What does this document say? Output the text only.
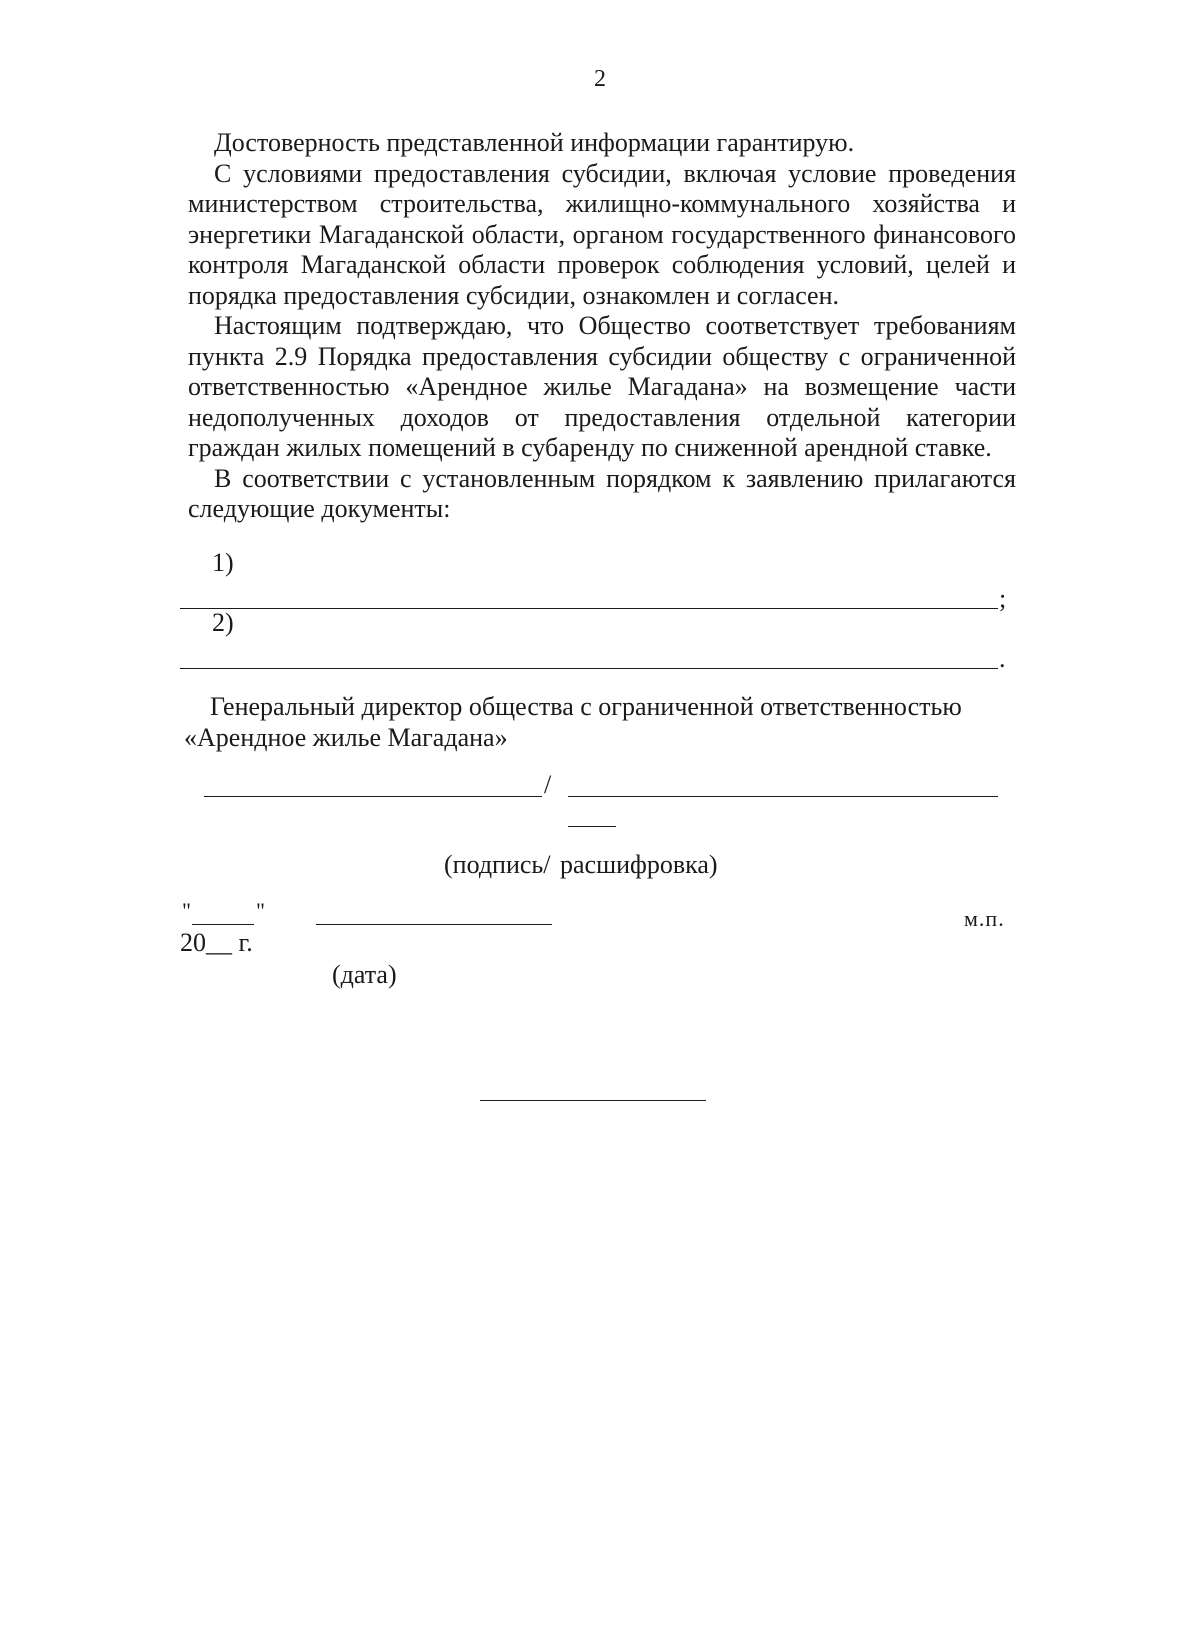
2

Достоверность представленной информации гарантирую.

С условиями предоставления субсидии, включая условие проведения министерством строительства, жилищно-коммунального хозяйства и энергетики Магаданской области, органом государственного финансового контроля Магаданской области проверок соблюдения условий, целей и порядка предоставления субсидии, ознакомлен и согласен.

Настоящим подтверждаю, что Общество соответствует требованиям пункта 2.9 Порядка предоставления субсидии обществу с ограниченной ответственностью «Арендное жилье Магадана» на возмещение части недополученных доходов от предоставления отдельной категории граждан жилых помещений в субаренду по сниженной арендной ставке.

В соответствии с установленным порядком к заявлению прилагаются следующие документы:

1)
;
2)
.

Генеральный директор общества с ограниченной ответственностью

«Арендное жилье Магадана»

/
(подпись/ расшифровка)
"	"
20__ г.
(дата)
м.п.
